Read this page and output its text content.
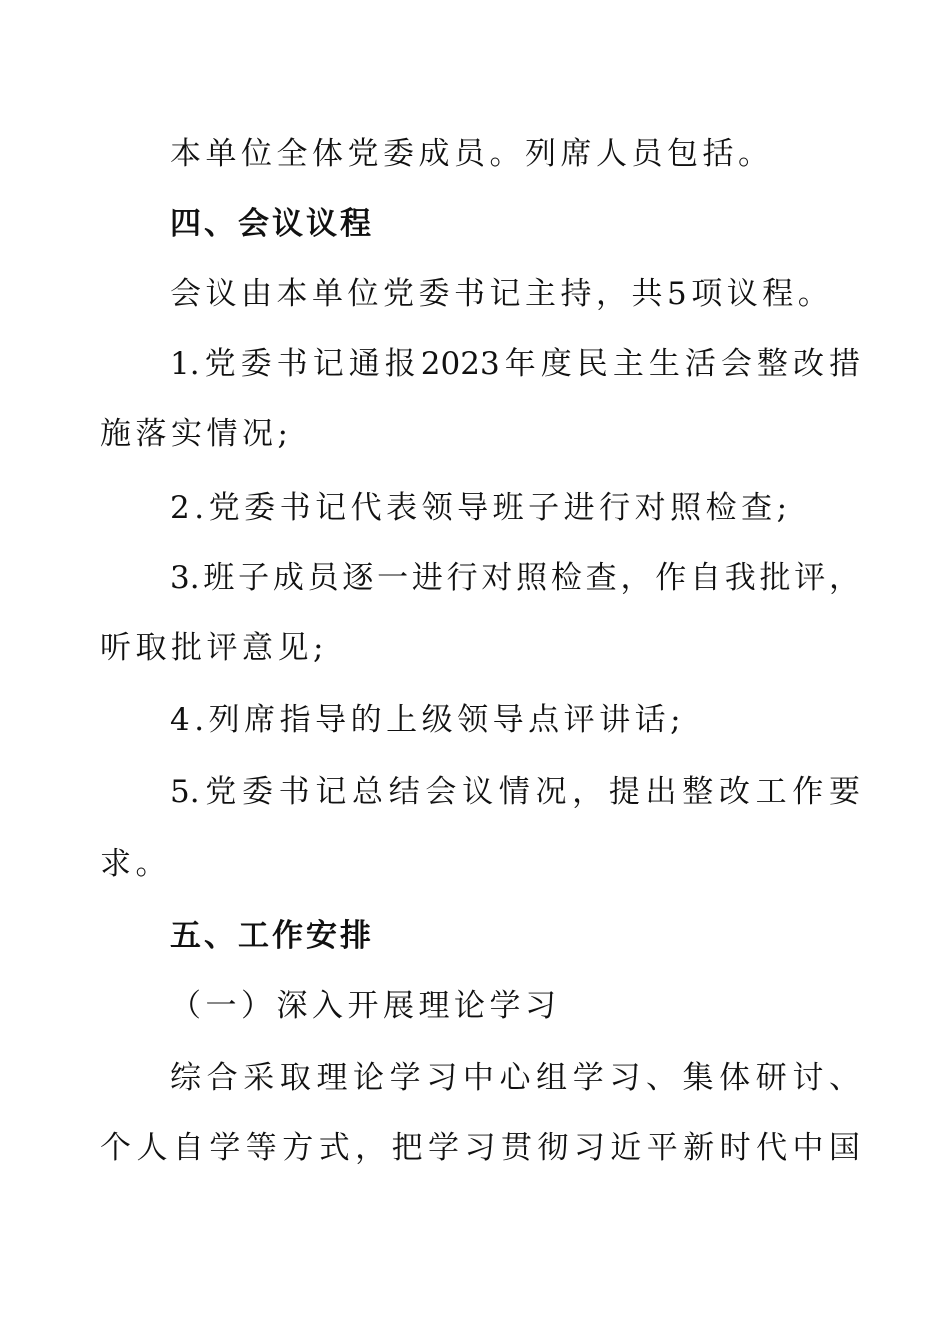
本单位全体党委成员。列席人员包括。
四、会议议程
会议由本单位党委书记主持，共5项议程。
1.党委书记通报2023年度民主生活会整改措
施落实情况;
2.党委书记代表领导班子进行对照检查;
3.班子成员逐一进行对照检查，作自我批评，
听取批评意见;
4.列席指导的上级领导点评讲话;
5.党委书记总结会议情况，提出整改工作要
求。
五、工作安排
（一）深入开展理论学习
综合采取理论学习中心组学习、集体研讨、
个人自学等方式，把学习贯彻习近平新时代中国
